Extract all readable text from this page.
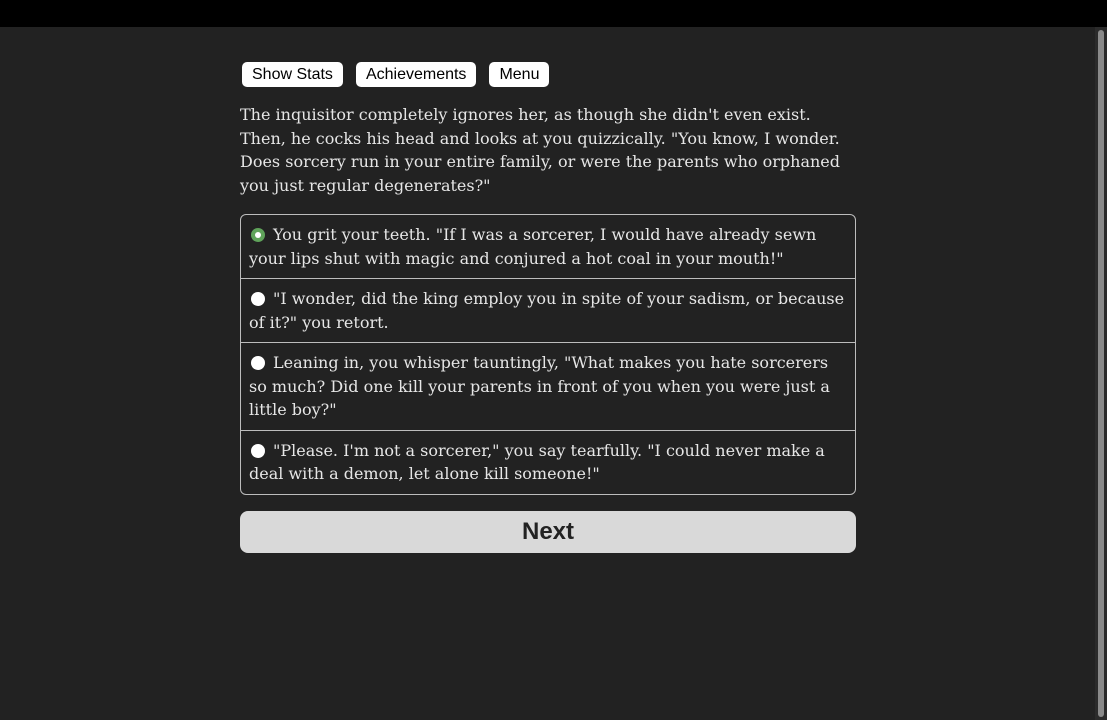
Show Stats	Achievements	Menu

The inquisitor completely ignores her, as though she didn't even exist. Then, he cocks his head and looks at you quizzically. "You know, I wonder. Does sorcery run in your entire family, or were the parents who orphaned you just regular degenerates?"

You grit your teeth. "If I was a sorcerer, I would have already sewn your lips shut with magic and conjured a hot coal in your mouth!"
"I wonder, did the king employ you in spite of your sadism, or because of it?" you retort.
Leaning in, you whisper tauntingly, "What makes you hate sorcerers so much? Did one kill your parents in front of you when you were just a little boy?"
"Please. I'm not a sorcerer," you say tearfully. "I could never make a deal with a demon, let alone kill someone!"
Next
